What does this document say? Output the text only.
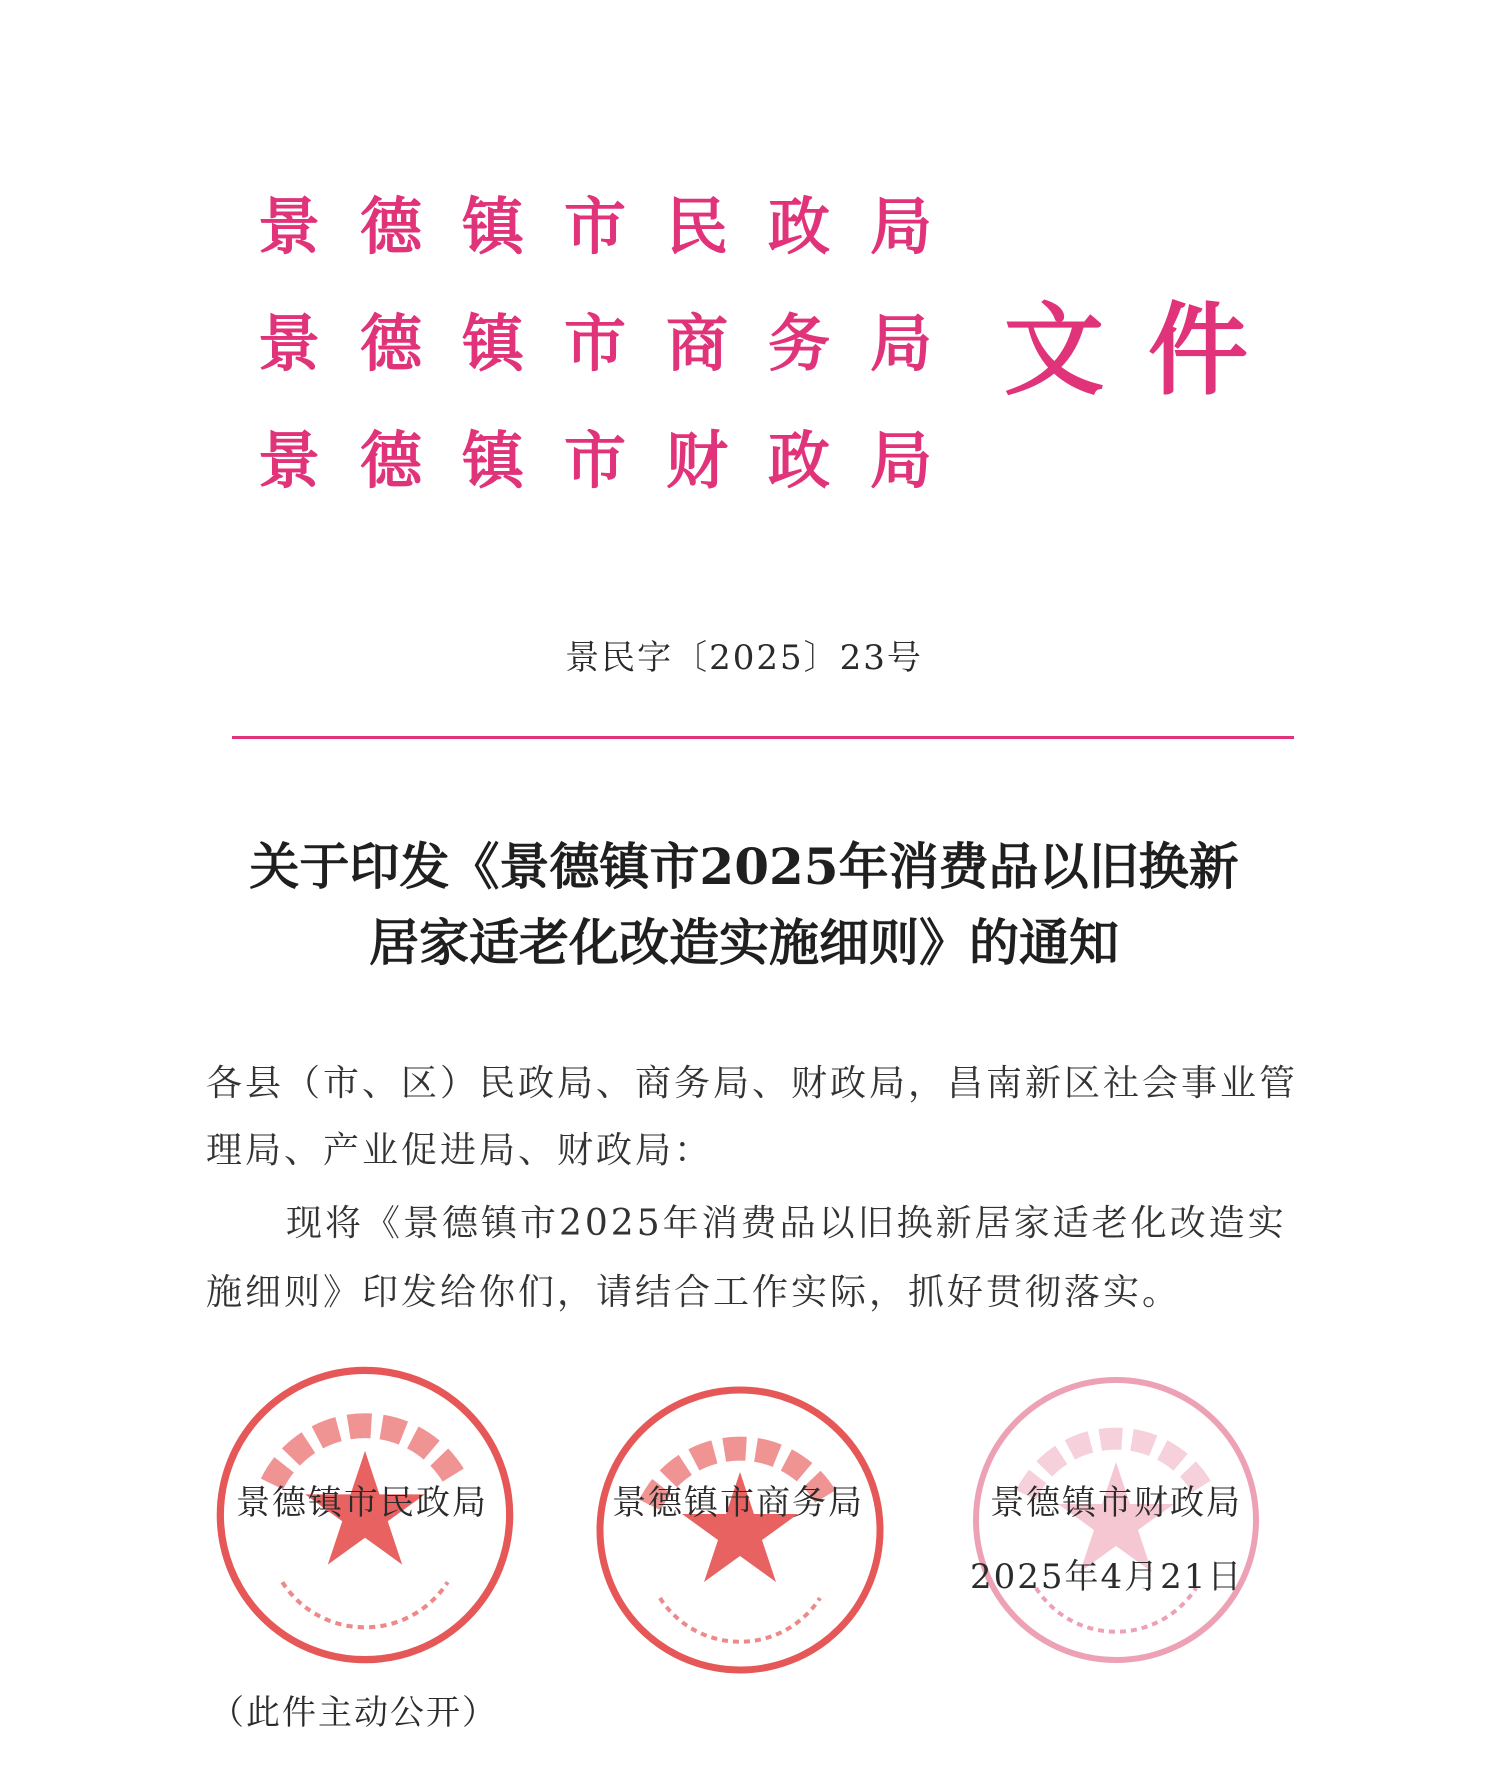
景德镇市民政局
景德镇市商务局
景德镇市财政局
文件
景民字〔2025〕23号
关于印发《景德镇市2025年消费品以旧换新
居家适老化改造实施细则》的通知
各县（市、区）民政局、商务局、财政局，昌南新区社会事业管
理局、产业促进局、财政局：
现将《景德镇市2025年消费品以旧换新居家适老化改造实
施细则》印发给你们，请结合工作实际，抓好贯彻落实。
景德镇市民政局	景德镇市商务局	景德镇市财政局
2025年4月21日
（此件主动公开）
